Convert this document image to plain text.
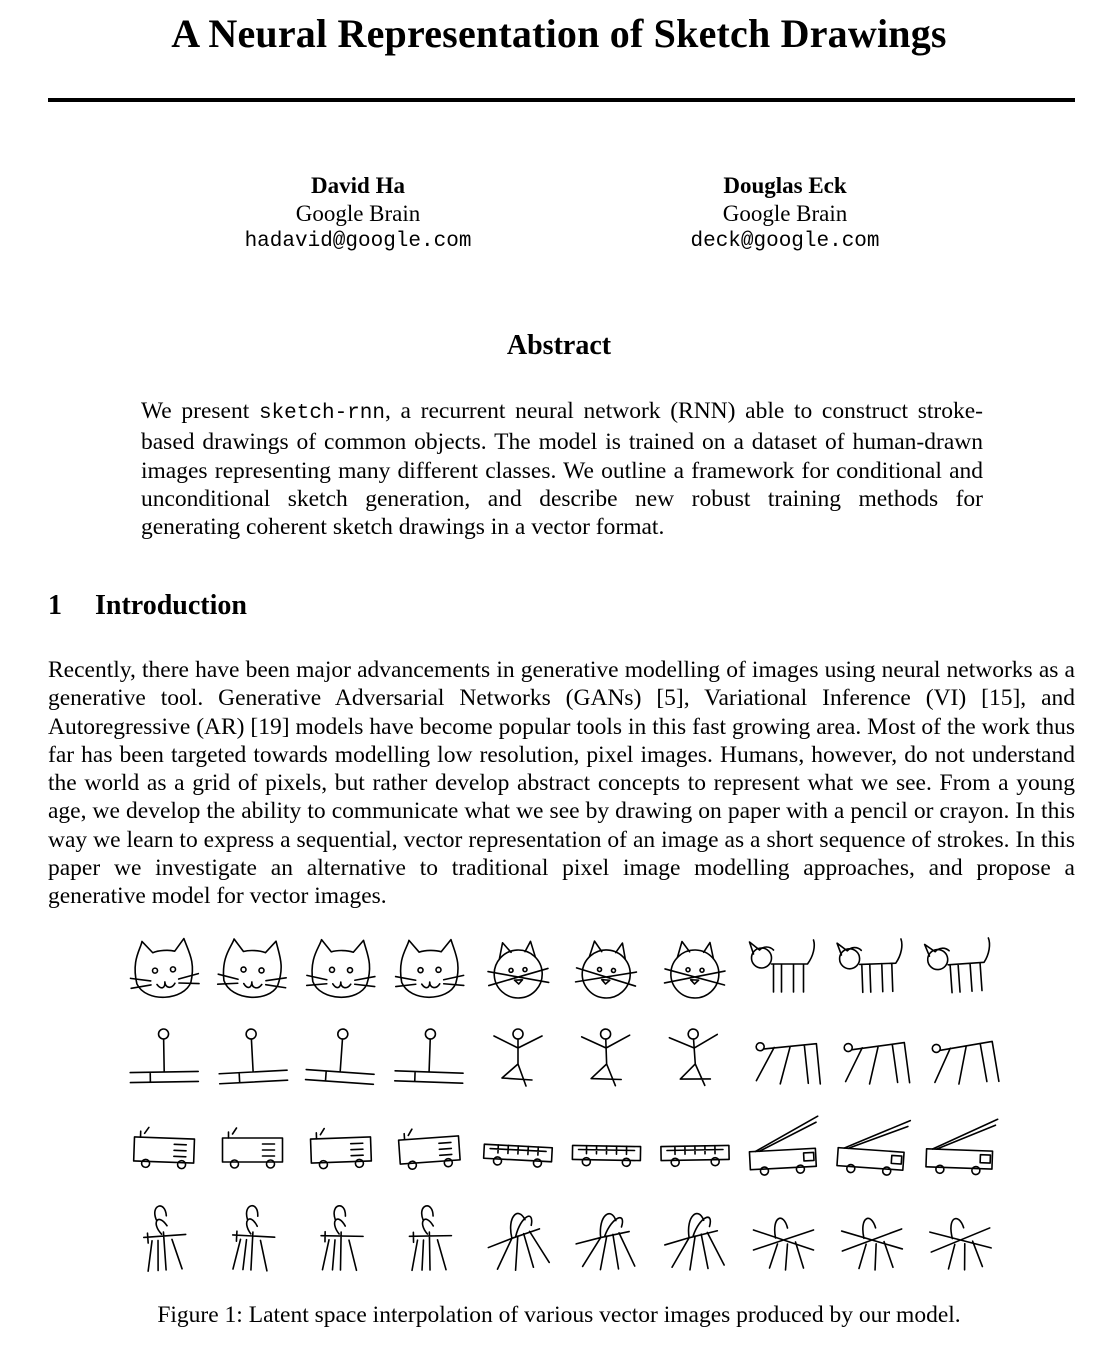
A Neural Representation of Sketch Drawings
David Ha
Google Brain
hadavid@google.com
Douglas Eck
Google Brain
deck@google.com
Abstract
We present sketch-rnn, a recurrent neural network (RNN) able to construct stroke-based drawings of common objects. The model is trained on a dataset of human-drawn images representing many different classes. We outline a framework for conditional and unconditional sketch generation, and describe new robust training methods for generating coherent sketch drawings in a vector format.
1 Introduction
Recently, there have been major advancements in generative modelling of images using neural networks as a generative tool. Generative Adversarial Networks (GANs) [5], Variational Inference (VI) [15], and Autoregressive (AR) [19] models have become popular tools in this fast growing area. Most of the work thus far has been targeted towards modelling low resolution, pixel images. Humans, however, do not understand the world as a grid of pixels, but rather develop abstract concepts to represent what we see. From a young age, we develop the ability to communicate what we see by drawing on paper with a pencil or crayon. In this way we learn to express a sequential, vector representation of an image as a short sequence of strokes. In this paper we investigate an alternative to traditional pixel image modelling approaches, and propose a generative model for vector images.
Figure 1: Latent space interpolation of various vector images produced by our model.
